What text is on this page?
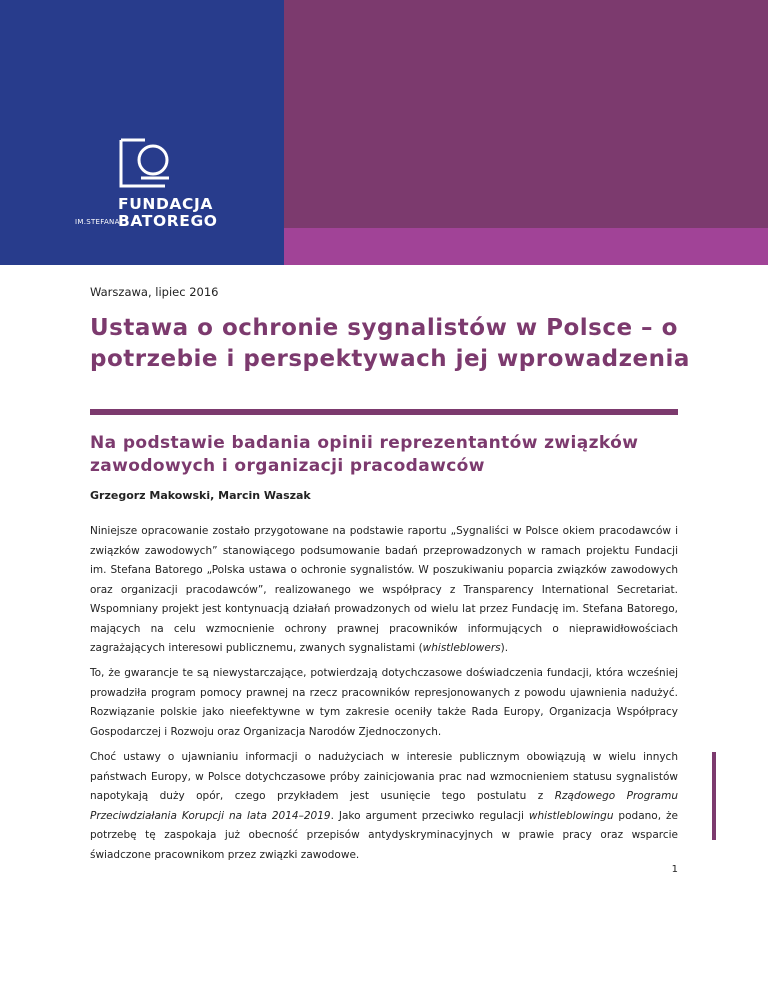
IM.STEFANA
FUNDACJA
BATOREGO
Warszawa, lipiec 2016
Ustawa o ochronie sygnalistów w Polsce – o potrzebie i perspektywach jej wprowadzenia
Na podstawie badania opinii reprezentantów związków zawodowych i organizacji pracodawców
Grzegorz Makowski, Marcin Waszak

Niniejsze opracowanie zostało przygotowane na podstawie raportu „Sygnaliści w Polsce okiem pracodawców i związków zawodowych” stanowiącego podsumowanie badań przeprowadzonych w ramach projektu Fundacji im. Stefana Batorego „Polska ustawa o ochronie sygnalistów. W poszukiwaniu poparcia związków zawodowych oraz organizacji pracodawców”, realizowanego we współpracy z Transparency International Secretariat. Wspomniany projekt jest kontynuacją działań prowadzonych od wielu lat przez Fundację im. Stefana Batorego, mających na celu wzmocnienie ochrony prawnej pracowników informujących o nieprawidłowościach zagrażających interesowi publicznemu, zwanych sygnalistami (whistleblowers).

To, że gwarancje te są niewystarczające, potwierdzają dotychczasowe doświadczenia fundacji, która wcześniej prowadziła program pomocy prawnej na rzecz pracowników represjonowanych z powodu ujawnienia nadużyć. Rozwiązanie polskie jako nieefektywne w tym zakresie oceniły także Rada Europy, Organizacja Współpracy Gospodarczej i Rozwoju oraz Organizacja Narodów Zjednoczonych.

Choć ustawy o ujawnianiu informacji o nadużyciach w interesie publicznym obowiązują w wielu innych państwach Europy, w Polsce dotychczasowe próby zainicjowania prac nad wzmocnieniem statusu sygnalistów napotykają duży opór, czego przykładem jest usunięcie tego postulatu z Rządowego Programu Przeciwdziałania Korupcji na lata 2014–2019. Jako argument przeciwko regulacji whistleblowingu podano, że potrzebę tę zaspokaja już obecność przepisów antydyskryminacyjnych w prawie pracy oraz wsparcie świadczone pracownikom przez związki zawodowe.

1
